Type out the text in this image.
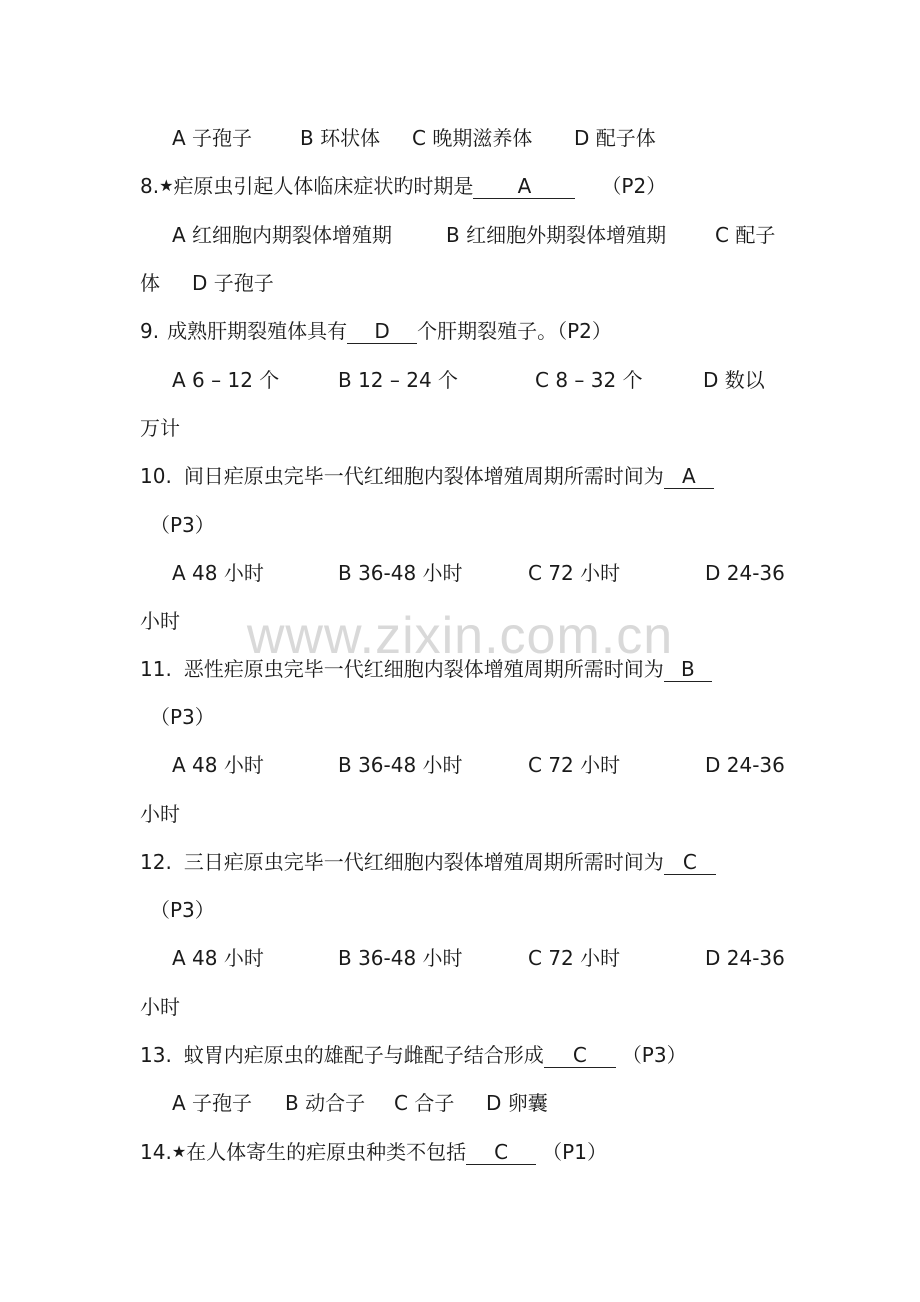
www.zixin.com.cn
A 子孢子 B 环状体 C 晚期滋养体 D 配子体
8.★疟原虫引起人体临床症状旳时期是 A	（P2）
A 红细胞内期裂体增殖期	B 红细胞外期裂体增殖期 C 配子
体 D 子孢子
9. 成熟肝期裂殖体具有 D 个肝期裂殖子。（P2）
A 6 – 12 个	B 12 – 24 个	C 8 – 32 个	D 数以
万计
10. 间日疟原虫完毕一代红细胞内裂体增殖周期所需时间为 A
（P3）
A 48 小时	B 36-48 小时	C 72 小时	D 24-36
小时
11. 恶性疟原虫完毕一代红细胞内裂体增殖周期所需时间为 B
（P3）
A 48 小时	B 36-48 小时	C 72 小时	D 24-36
小时
12. 三日疟原虫完毕一代红细胞内裂体增殖周期所需时间为 C
（P3）
A 48 小时	B 36-48 小时	C 72 小时	D 24-36
小时
13. 蚊胃内疟原虫的雄配子与雌配子结合形成 C （P3）
A 子孢子 B 动合子 C 合子 D 卵囊
14.★在人体寄生的疟原虫种类不包括 C （P1）
